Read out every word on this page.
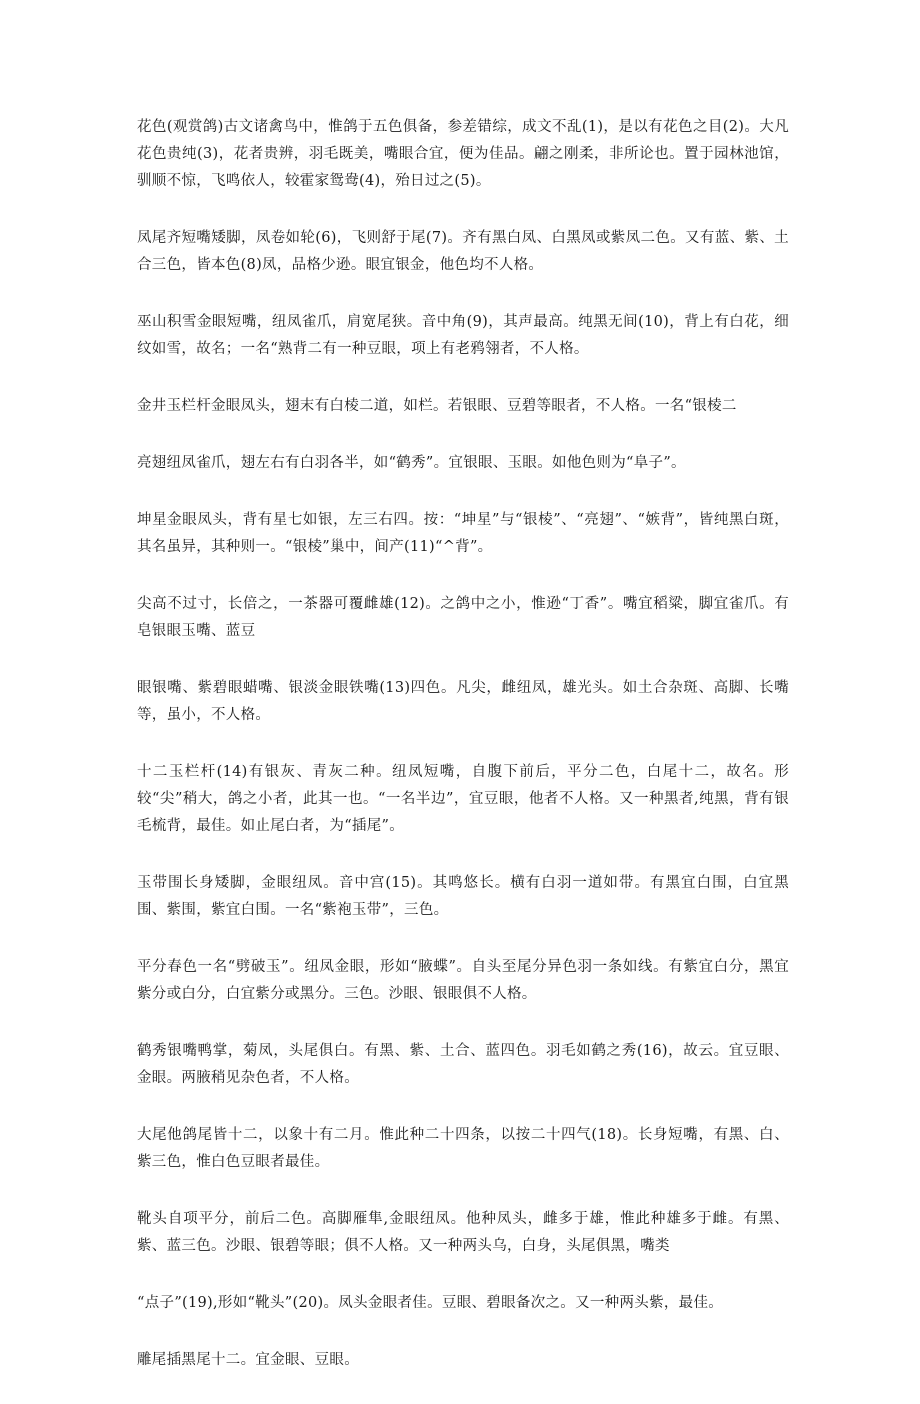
花色(观赏鸽)古文诸禽鸟中，惟鸽于五色俱备，参差错综，成文不乱(1)，是以有花色之目(2)。大凡花色贵纯(3)，花者贵辨，羽毛既美，嘴眼合宜，便为佳品。翩之刚柔，非所论也。置于园林池馆，驯顺不惊，飞鸣依人，较霍家鸳鸯(4)，殆日过之(5)。

凤尾齐短嘴矮脚，凤卷如轮(6)，飞则舒于尾(7)。齐有黑白凤、白黑凤或紫凤二色。又有蓝、紫、土合三色，皆本色(8)凤，品格少逊。眼宜银金，他色均不人格。

巫山积雪金眼短嘴，纽凤雀爪，肩宽尾狭。音中角(9)，其声最高。纯黑无间(10)，背上有白花，细纹如雪，故名；一名“熟背二有一种豆眼，项上有老鸦翎者，不人格。

金井玉栏杆金眼凤头，翅末有白棱二道，如栏。若银眼、豆碧等眼者，不人格。一名“银棱二

亮翅纽凤雀爪，翅左右有白羽各半，如“鹤秀”。宜银眼、玉眼。如他色则为“阜子”。

坤星金眼凤头，背有星七如银，左三右四。按：“坤星”与“银棱”、“亮翅”、“嫉背”，皆纯黑白斑，其名虽异，其种则一。“银棱”巢中，间产(11)“^背”。

尖高不过寸，长倍之，一茶器可覆雌雄(12)。之鸽中之小，惟逊“丁香”。嘴宜稻粱，脚宜雀爪。有皂银眼玉嘴、蓝豆

眼银嘴、紫碧眼蜡嘴、银淡金眼铁嘴(13)四色。凡尖，雌纽凤，雄光头。如土合杂斑、高脚、长嘴等，虽小，不人格。

十二玉栏杆(14)有银灰、青灰二种。纽凤短嘴，自腹下前后，平分二色，白尾十二，故名。形较“尖”稍大，鸽之小者，此其一也。“一名半边”，宜豆眼，他者不人格。又一种黑者,纯黑，背有银毛梳背，最佳。如止尾白者，为“插尾”。

玉带围长身矮脚，金眼纽凤。音中宫(15)。其鸣悠长。横有白羽一道如带。有黑宜白围，白宜黑围、紫围，紫宜白围。一名“紫袍玉带”，三色。

平分春色一名“劈破玉”。纽凤金眼，形如“腋蝶”。自头至尾分异色羽一条如线。有紫宜白分，黑宜紫分或白分，白宜紫分或黑分。三色。沙眼、银眼俱不人格。

鹤秀银嘴鸭掌，菊凤，头尾俱白。有黑、紫、土合、蓝四色。羽毛如鹤之秀(16)，故云。宜豆眼、金眼。两腋稍见杂色者，不人格。

大尾他鸽尾皆十二，以象十有二月。惟此种二十四条，以按二十四气(18)。长身短嘴，有黑、白、紫三色，惟白色豆眼者最佳。

靴头自项平分，前后二色。高脚雁隼,金眼纽凤。他种凤头，雌多于雄，惟此种雄多于雌。有黑、紫、蓝三色。沙眼、银碧等眼；俱不人格。又一种两头乌，白身，头尾俱黑，嘴类

“点子”(19),形如“靴头”(20)。凤头金眼者佳。豆眼、碧眼备次之。又一种两头紫，最佳。

雕尾插黑尾十二。宜金眼、豆眼。
